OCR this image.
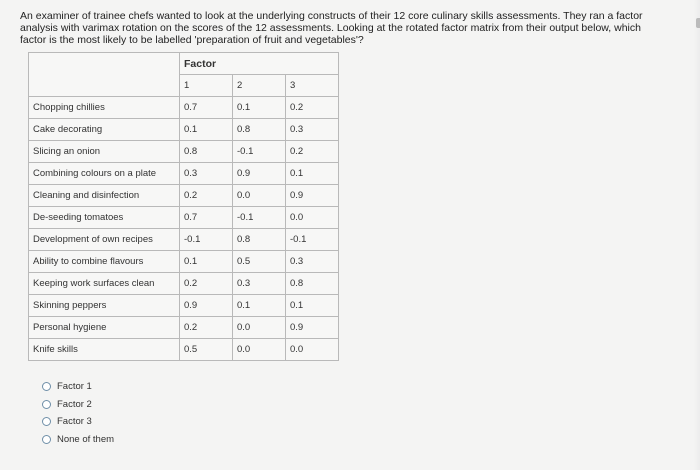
An examiner of trainee chefs wanted to look at the underlying constructs of their 12 core culinary skills assessments. They ran a factor analysis with varimax rotation on the scores of the 12 assessments. Looking at the rotated factor matrix from their output below, which factor is the most likely to be labelled 'preparation of fruit and vegetables'?
	Factor		
	1	2	3
Chopping chillies	0.7	0.1	0.2
Cake decorating	0.1	0.8	0.3
Slicing an onion	0.8	-0.1	0.2
Combining colours on a plate	0.3	0.9	0.1
Cleaning and disinfection	0.2	0.0	0.9
De-seeding tomatoes	0.7	-0.1	0.0
Development of own recipes	-0.1	0.8	-0.1
Ability to combine flavours	0.1	0.5	0.3
Keeping work surfaces clean	0.2	0.3	0.8
Skinning peppers	0.9	0.1	0.1
Personal hygiene	0.2	0.0	0.9
Knife skills	0.5	0.0	0.0
Factor 1
Factor 2
Factor 3
None of them
